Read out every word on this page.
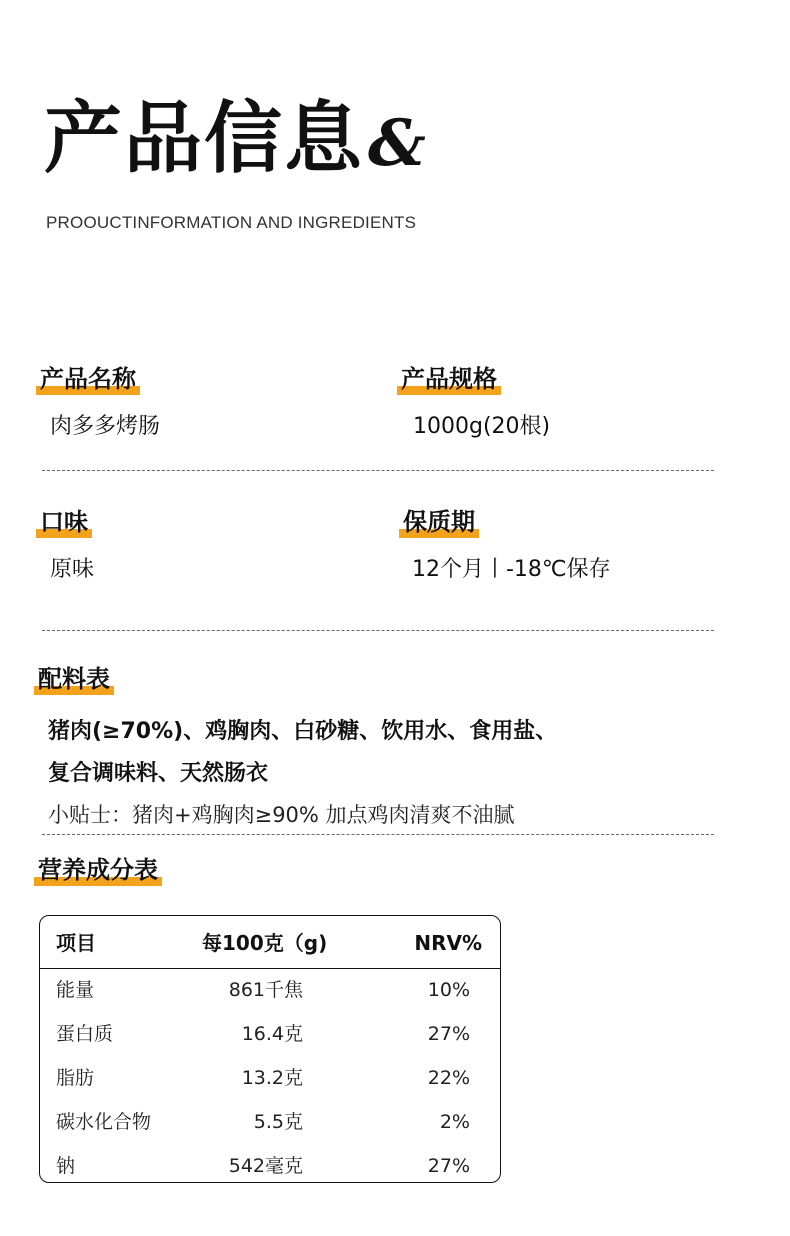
产品信息&
PROOUCTINFORMATION AND INGREDIENTS
产品名称
肉多多烤肠
产品规格
1000g(20根)
口味
原味
保质期
12个月丨-18℃保存
配料表
猪肉(≥70%)、鸡胸肉、白砂糖、饮用水、食用盐、
复合调味料、天然肠衣
小贴士：猪肉+鸡胸肉≥90% 加点鸡肉清爽不油腻
营养成分表
项目	每100克（g)	NRV%
能量	861千焦	10%
蛋白质	16.4克	27%
脂肪	13.2克	22%
碳水化合物	5.5克	2%
钠	542毫克	27%
